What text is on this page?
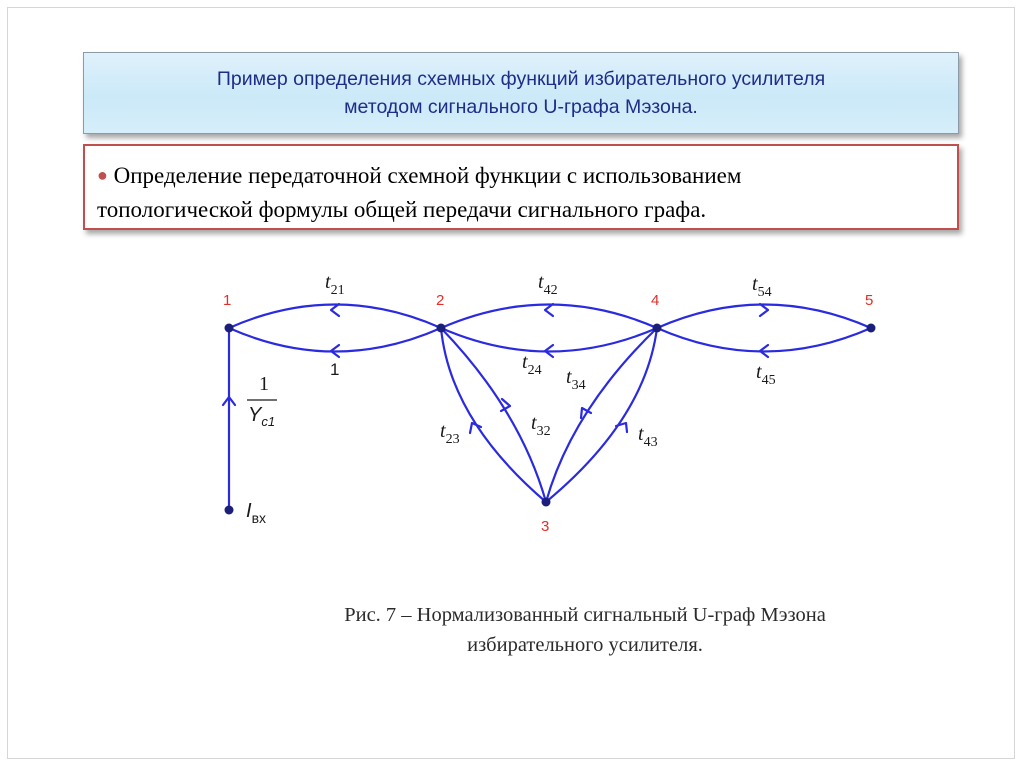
Пример определения схемных функций избирательного усилителя
методом сигнального U-графа Мэзона.
● Определение передаточной схемной функции с использованием
топологической формулы общей передачи сигнального графа.
1	2	4	5
3
$t_{21}$	$t_{42}$	$t_{54}$
$t_{24}$	$t_{45}$
$t_{34}$
$t_{23}$
$t_{32}$	$t_{43}$
1
1
$Y_{c1}$
$I_{вх}$
Рис. 7 – Нормализованный сигнальный U-граф Мэзона
избирательного усилителя.
